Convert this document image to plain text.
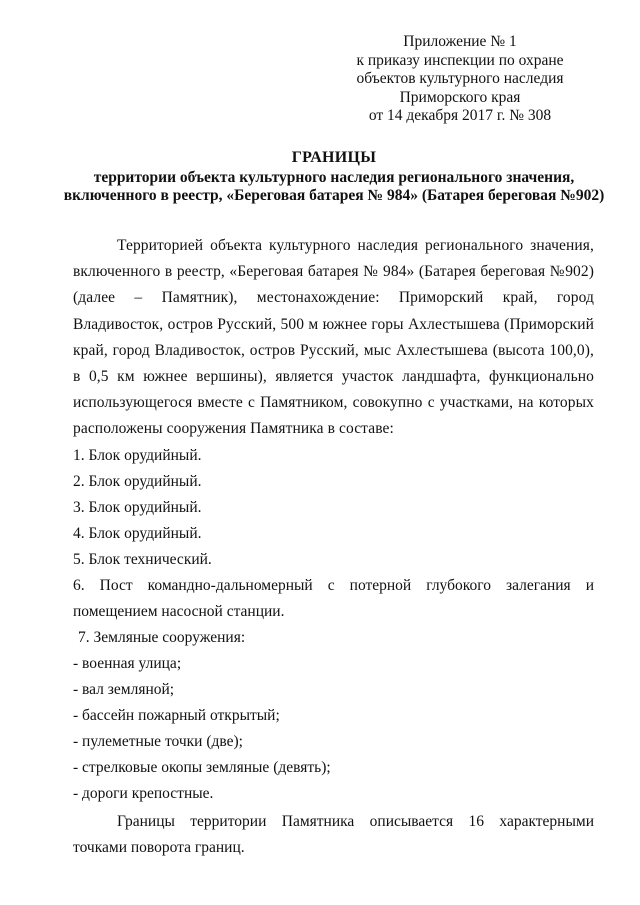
Приложение № 1
к приказу инспекции по охране
объектов культурного наследия
Приморского края
от 14 декабря 2017 г. № 308
ГРАНИЦЫ
территории объекта культурного наследия регионального значения, включенного в реестр, «Береговая батарея № 984» (Батарея береговая №902)

Территорией объекта культурного наследия регионального значения, включенного в реестр, «Береговая батарея № 984» (Батарея береговая №902) (далее – Памятник), местонахождение: Приморский край, город Владивосток, остров Русский, 500 м южнее горы Ахлестышева (Приморский край, город Владивосток, остров Русский, мыс Ахлестышева (высота 100,0), в 0,5 км южнее вершины), является участок ландшафта, функционально использующегося вместе с Памятником, совокупно с участками, на которых расположены сооружения Памятника в составе:

1. Блок орудийный.
2. Блок орудийный.
3. Блок орудийный.
4. Блок орудийный.
5. Блок технический.
6. Пост командно-дальномерный с потерной глубокого залегания и помещением насосной станции.
7. Земляные сооружения:
- военная улица;
- вал земляной;
- бассейн пожарный открытый;
- пулеметные точки (две);
- стрелковые окопы земляные (девять);
- дороги крепостные.

Границы территории Памятника описывается 16 характерными точками поворота границ.
